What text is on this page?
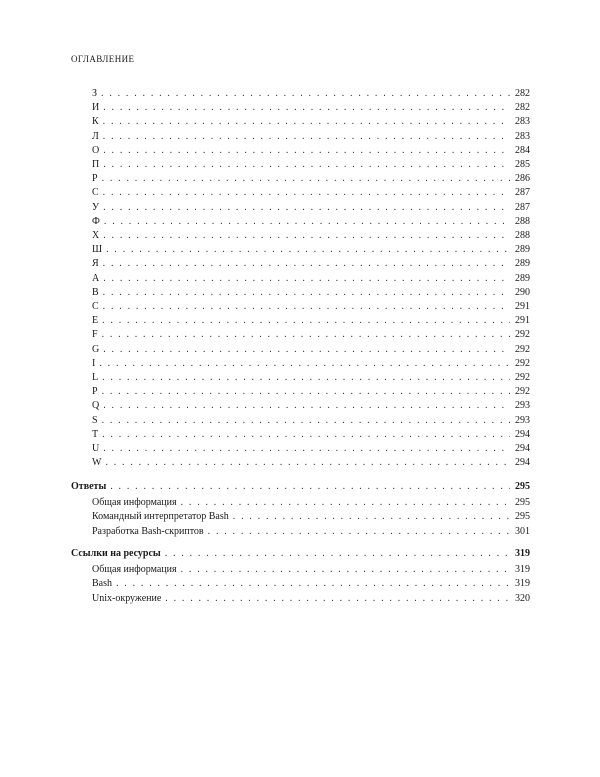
ОГЛАВЛЕНИЕ
З . . .	282
И . . .	282
К . . .	283
Л . . .	283
О . . .	284
П . . .	285
Р . . .	286
С . . .	287
У . . .	287
Ф . . .	288
Х . . .	288
Ш . . .	289
Я . . .	289
A . . .	289
B . . .	290
C . . .	291
E . . .	291
F . . .	292
G . . .	292
I . . .	292
L . . .	292
P . . .	292
Q . . .	293
S . . .	293
T . . .	294
U . . .	294
W . . .	294
Ответы . . .	295
Общая информация . . .	295
Командный интерпретатор Bash . . .	295
Разработка Bash-скриптов . . .	301
Ссылки на ресурсы . . .	319
Общая информация . . .	319
Bash . . .	319
Unix-окружение . . .	320
